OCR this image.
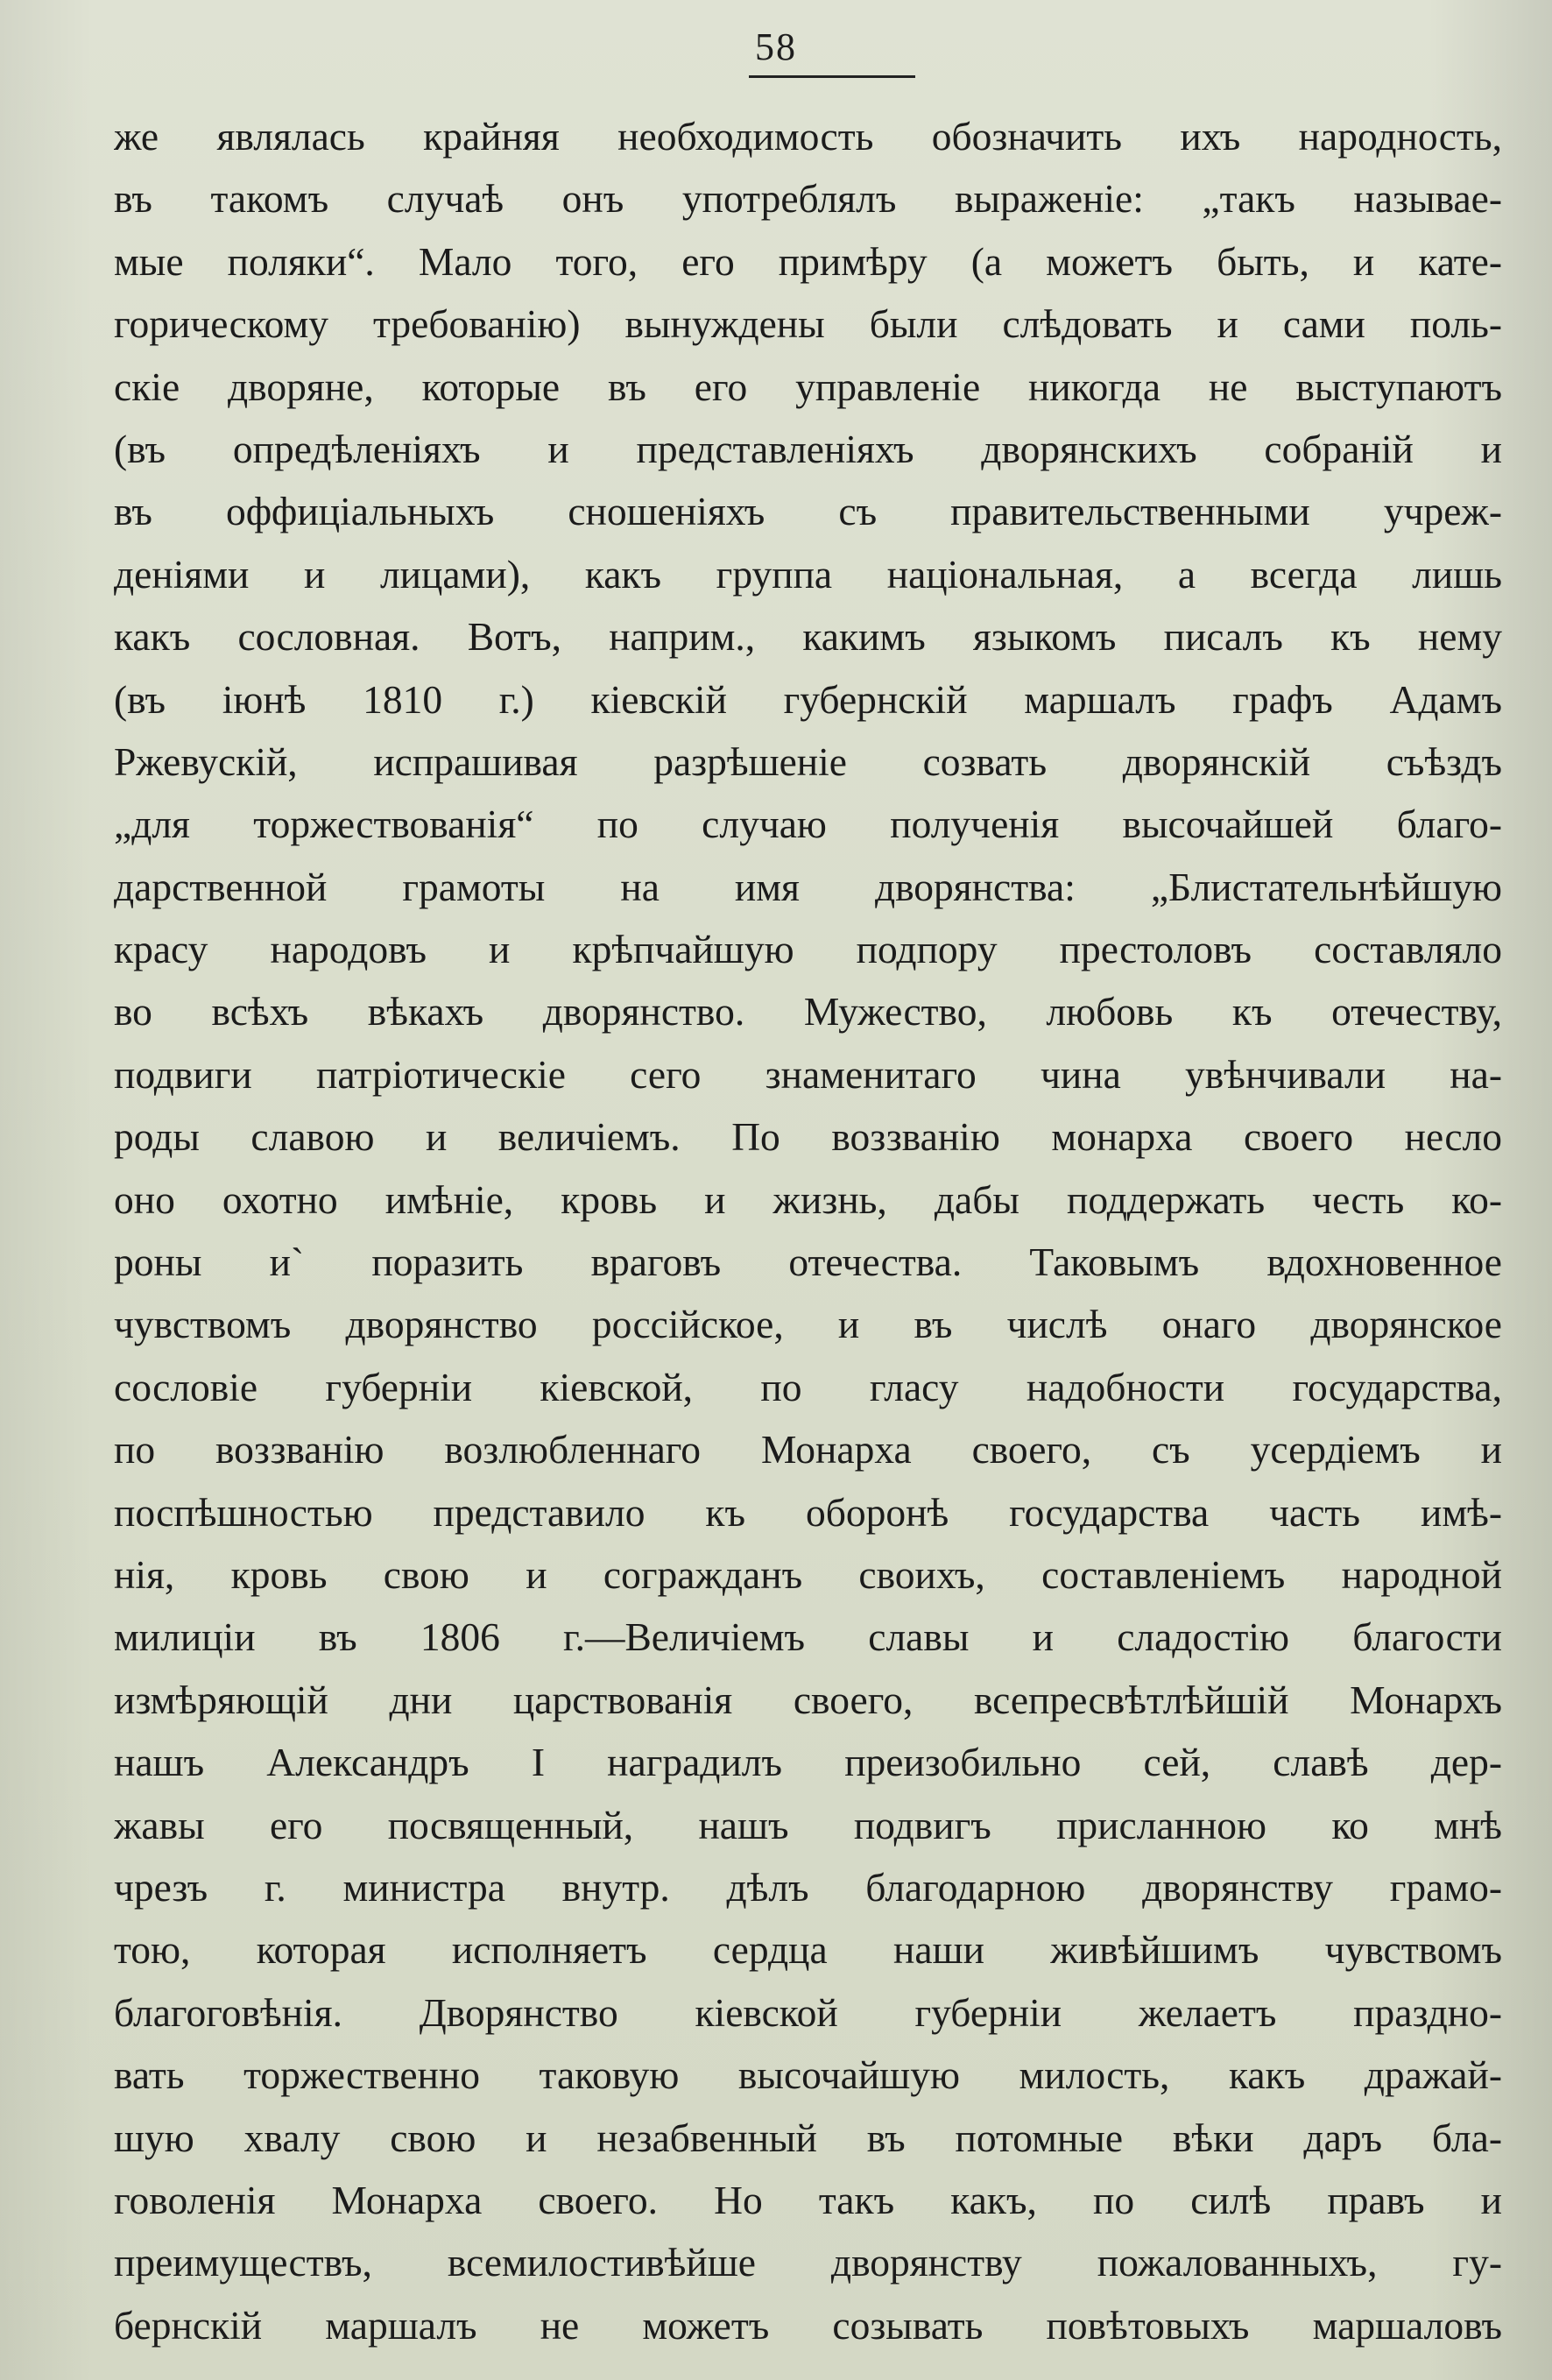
58
же являлась крайняя необходимость обозначить ихъ народность,
въ такомъ случаѣ онъ употреблялъ выраженіе: „такъ называе-
мые поляки“. Мало того, его примѣру (а можетъ быть, и кате-
горическому требованію) вынуждены были слѣдовать и сами поль-
скіе дворяне, которые въ его управленіе никогда не выступаютъ
(въ опредѣленіяхъ и представленіяхъ дворянскихъ собраній и
въ оффиціальныхъ сношеніяхъ съ правительственными учреж-
деніями и лицами), какъ группа національная, а всегда лишь
какъ сословная. Вотъ, наприм., какимъ языкомъ писалъ къ нему
(въ іюнѣ 1810 г.) кіевскій губернскій маршалъ графъ Адамъ
Ржевускій, испрашивая разрѣшеніе созвать дворянскій съѣздъ
„для торжествованія“ по случаю полученія высочайшей благо-
дарственной грамоты на имя дворянства: „Блистательнѣйшую
красу народовъ и крѣпчайшую подпору престоловъ составляло
во всѣхъ вѣкахъ дворянство. Мужество, любовь къ отечеству,
подвиги патріотическіе сего знаменитаго чина увѣнчивали на-
роды славою и величіемъ. По воззванію монарха своего несло
оно охотно имѣніе, кровь и жизнь, дабы поддержать честь ко-
роны и` поразить враговъ отечества. Таковымъ вдохновенное
чувствомъ дворянство россійское, и въ числѣ онаго дворянское
сословіе губерніи кіевской, по гласу надобности государства,
по воззванію возлюбленнаго Монарха своего, съ усердіемъ и
поспѣшностью представило къ оборонѣ государства часть имѣ-
нія, кровь свою и согражданъ своихъ, составленіемъ народной
милиціи въ 1806 г.—Величіемъ славы и сладостію благости
измѣряющій дни царствованія своего, всепресвѣтлѣйшій Монархъ
нашъ Александръ I наградилъ преизобильно сей, славѣ дер-
жавы его посвященный, нашъ подвигъ присланною ко мнѣ
чрезъ г. министра внутр. дѣлъ благодарною дворянству грамо-
тою, которая исполняетъ сердца наши живѣйшимъ чувствомъ
благоговѣнія. Дворянство кіевской губерніи желаетъ праздно-
вать торжественно таковую высочайшую милость, какъ дражай-
шую хвалу свою и незабвенный въ потомные вѣки даръ бла-
говоленія Монарха своего. Но такъ какъ, по силѣ правъ и
преимуществъ, всемилостивѣйше дворянству пожалованныхъ, гу-
бернскій маршалъ не можетъ созывать повѣтовыхъ маршаловъ
